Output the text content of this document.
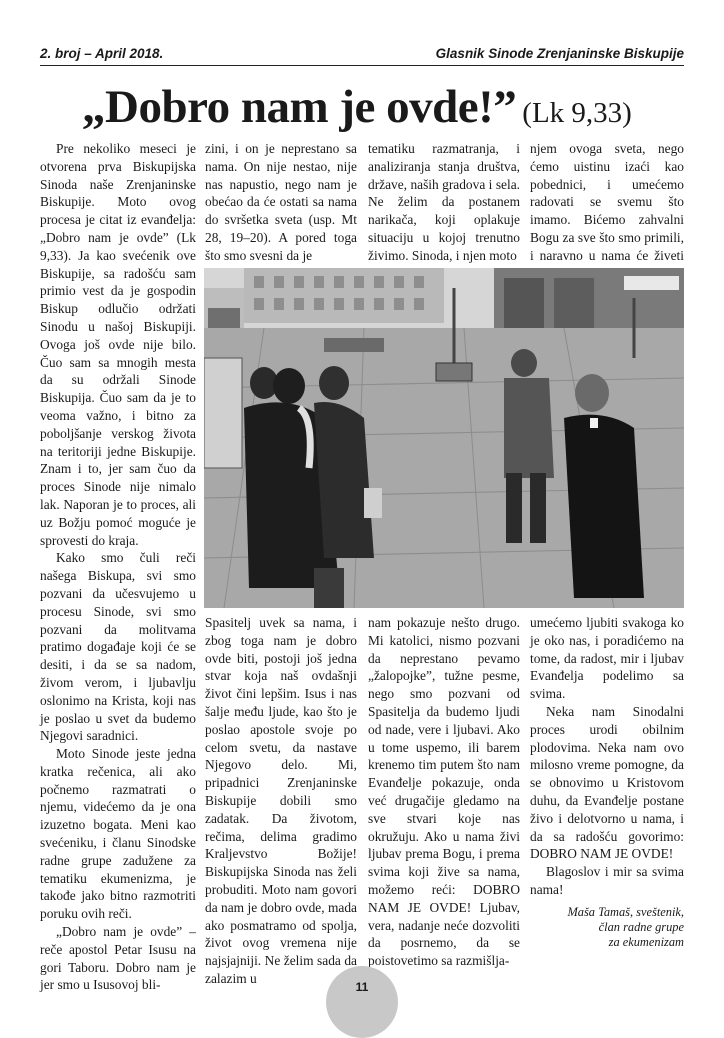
2. broj – April 2018.	Glasnik Sinode Zrenjaninske Biskupije
„Dobro nam je ovde!” (Lk 9,33)

Pre nekoliko meseci je otvorena prva Biskupijska Sinoda naše Zrenjaninske Biskupije. Moto ovog procesa je citat iz evanđelja: „Dobro nam je ovde” (Lk 9,33). Ja kao svećenik ove Biskupije, sa radošću sam primio vest da je gospodin Biskup odlučio održati Sinodu u našoj Biskupiji. Ovoga još ovde nije bilo. Čuo sam sa mnogih mesta da su održali Sinode Biskupija. Čuo sam da je to veoma važno, i bitno za poboljšanje verskog života na teritoriji jedne Biskupije. Znam i to, jer sam čuo da proces Sinode nije nimalo lak. Naporan je to proces, ali uz Božju pomoć moguće je sprovesti do kraja.

Kako smo čuli reči našega Biskupa, svi smo pozvani da učesvujemo u procesu Sinode, svi smo pozvani da molitvama pratimo događaje koji će se desiti, i da se sa nadom, živom verom, i ljubavlju oslonimo na Krista, koji nas je poslao u svet da budemo Njegovi saradnici.

Moto Sinode jeste jedna kratka rečenica, ali ako počnemo razmatrati o njemu, videćemo da je ona izuzetno bogata. Meni kao svećeniku, i članu Sinodske radne grupe zadužene za tematiku ekumenizma, je takođe jako bitno razmotriti poruku ovih reči.

„Dobro nam je ovde” – reče apostol Petar Isusu na gori Taboru. Dobro nam je jer smo u Isusovoj bli-

zini, i on je neprestano sa nama. On nije nestao, nije nas napustio, nego nam je obećao da će ostati sa nama do svršetka sveta (usp. Mt 28, 19–20). A pored toga što smo svesni da je

tematiku razmatranja, i analiziranja stanja društva, države, naših gradova i sela. Ne želim da postanem narikača, koji oplakuje situaciju u kojoj trenutno živimo. Sinoda, i njen moto

njem ovoga sveta, nego ćemo uistinu izaći kao pobednici, i umećemo radovati se svemu što imamo. Bićemo zahvalni Bogu za sve što smo primili, i naravno u nama će živeti

Spasitelj uvek sa nama, i zbog toga nam je dobro ovde biti, postoji još jedna stvar koja naš ovdašnji život čini lepšim. Isus i nas šalje među ljude, kao što je poslao apostole svoje po celom svetu, da nastave Njegovo delo. Mi, pripadnici Zrenjaninske Biskupije dobili smo zadatak. Da životom, rečima, delima gradimo Kraljevstvo Božije! Biskupijska Sinoda nas želi probuditi. Moto nam govori da nam je dobro ovde, mada ako posmatramo od spolja, život ovog vremena nije najsjajniji. Ne želim sada da zalazim u

nam pokazuje nešto drugo. Mi katolici, nismo pozvani da neprestano pevamo „žalopojke”, tužne pesme, nego smo pozvani od Spasitelja da budemo ljudi od nade, vere i ljubavi. Ako u tome uspemo, ili barem krenemo tim putem što nam Evanđelje pokazuje, onda već drugačije gledamo na sve stvari koje nas okružuju. Ako u nama živi ljubav prema Bogu, i prema svima koji žive sa nama, možemo reći: DOBRO NAM JE OVDE! Ljubav, vera, nadanje neće dozvoliti da posrnemo, da se poistovetimo sa razmišlja-

umećemo ljubiti svakoga ko je oko nas, i poradićemo na tome, da radost, mir i ljubav Evanđelja podelimo sa svima.

Neka nam Sinodalni proces urodi obilnim plodovima. Neka nam ovo milosno vreme pomogne, da se obnovimo u Kristovom duhu, da Evanđelje postane živo i delotvorno u nama, i da sa radošću govorimo: DOBRO NAM JE OVDE!

Blagoslov i mir sa svima nama!

Maša Tamaš, sveštenik,
član radne grupe
za ekumenizam
11
